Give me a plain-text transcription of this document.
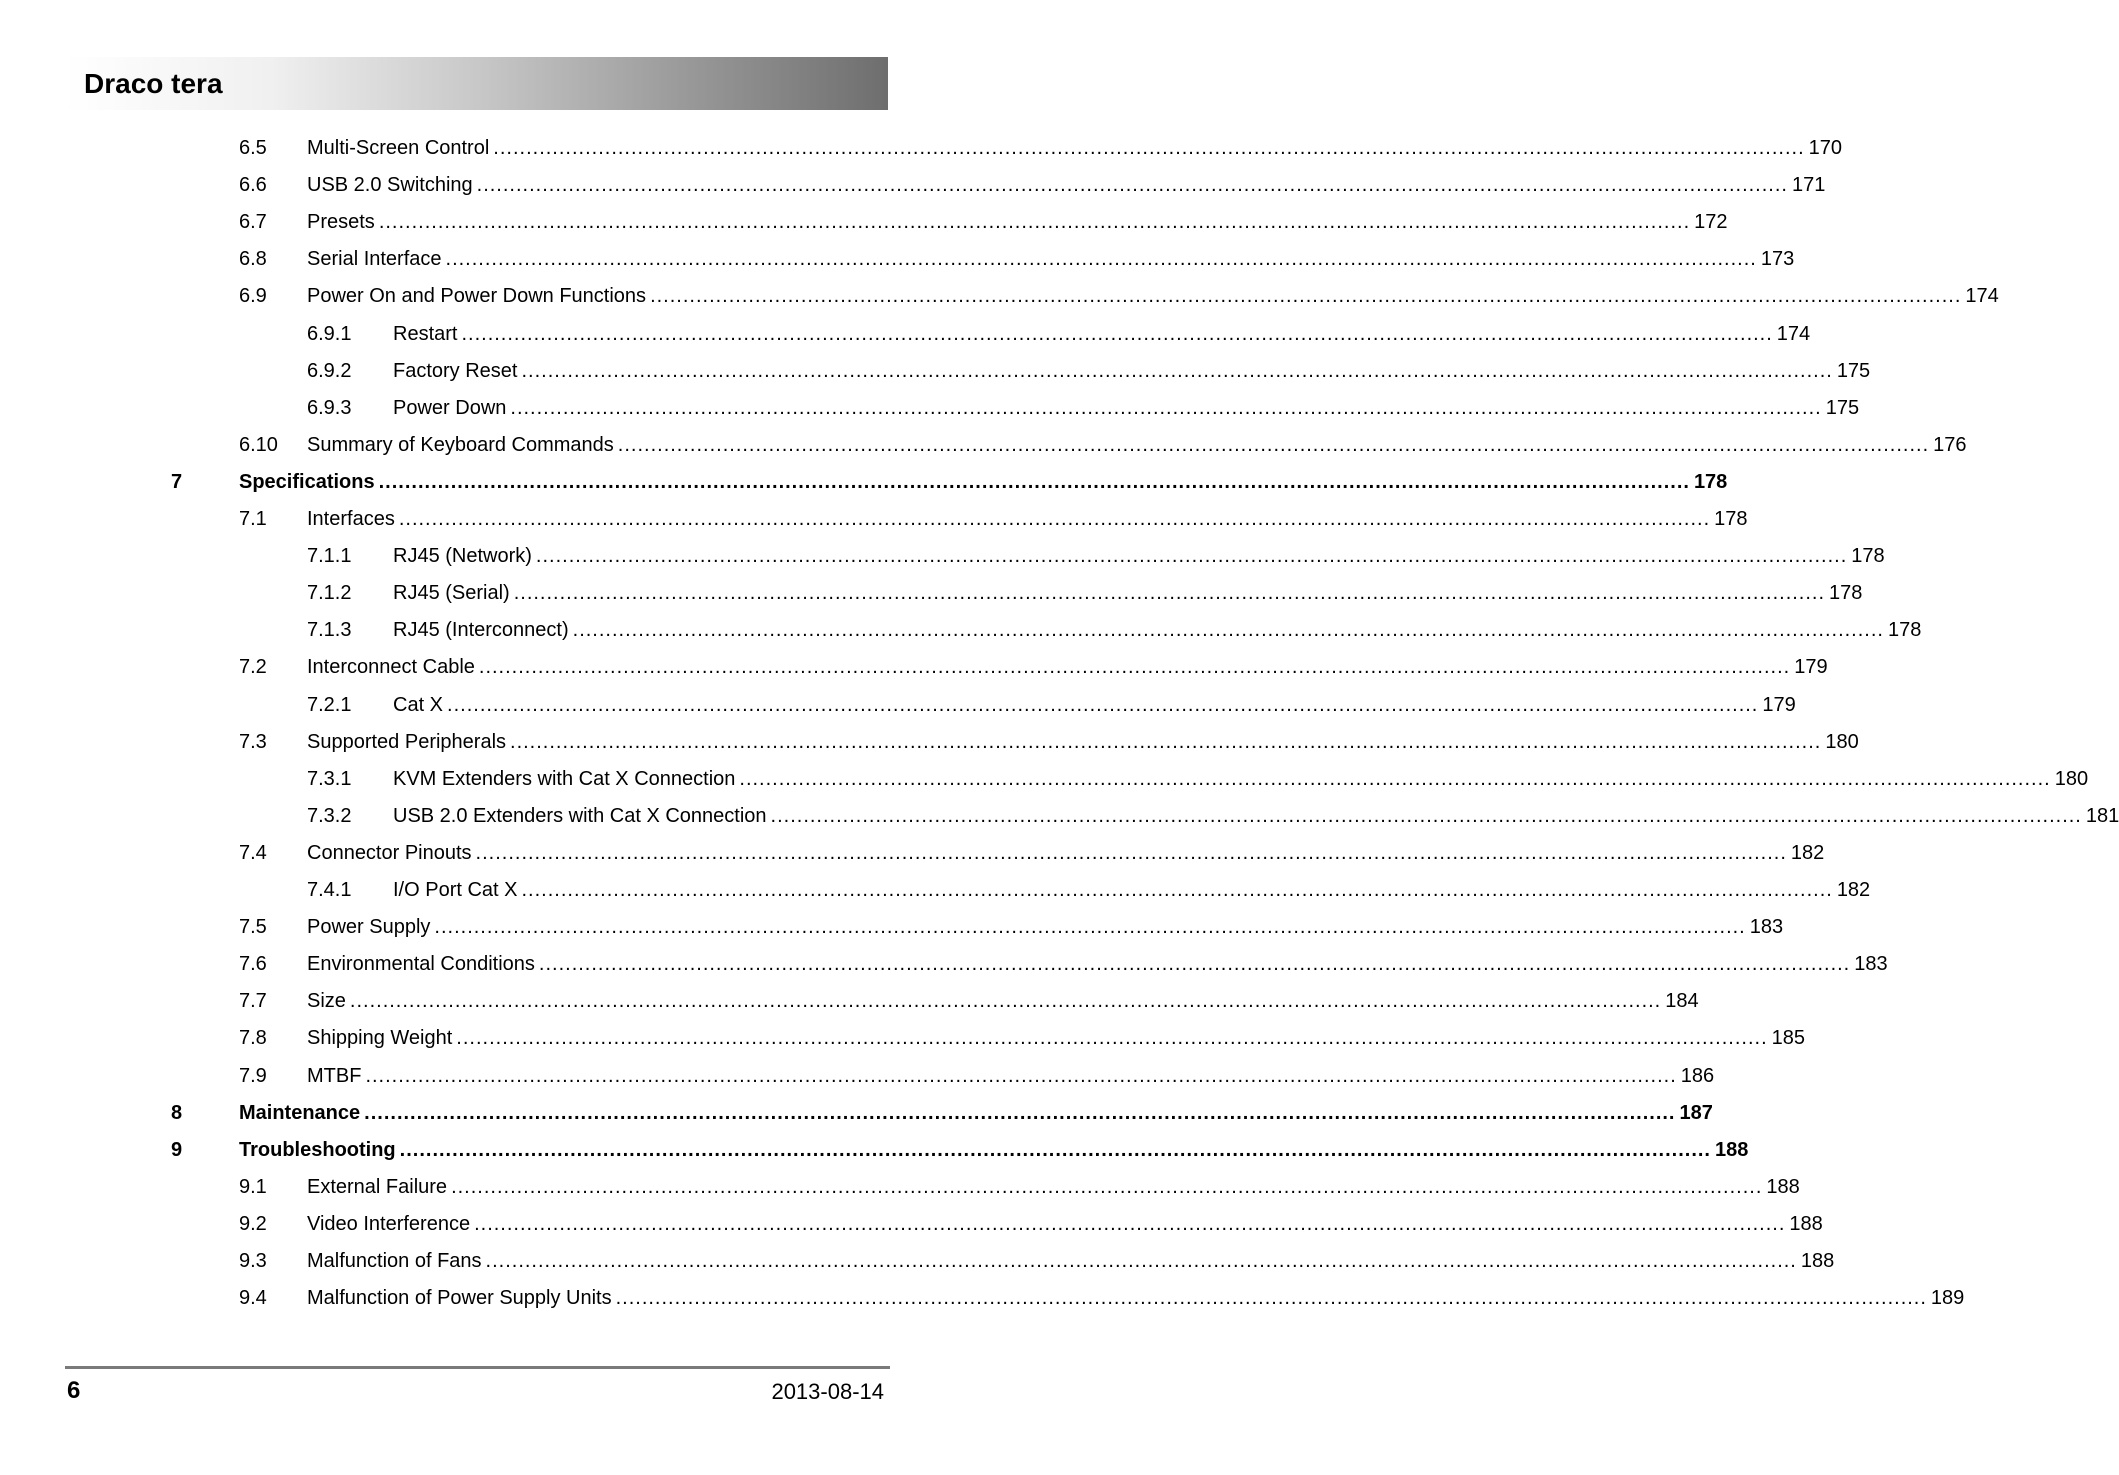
Draco tera
6.5 Multi-Screen Control ........................................................................................................................................................................................................ 170
6.6 USB 2.0 Switching ........................................................................................................................................................................................................ 171
6.7 Presets ........................................................................................................................................................................................................ 172
6.8 Serial Interface ........................................................................................................................................................................................................ 173
6.9 Power On and Power Down Functions ........................................................................................................................................................................................................ 174
6.9.1 Restart ........................................................................................................................................................................................................ 174
6.9.2 Factory Reset ........................................................................................................................................................................................................ 175
6.9.3 Power Down ........................................................................................................................................................................................................ 175
6.10 Summary of Keyboard Commands ........................................................................................................................................................................................................ 176
7	Specifications ........................................................................................................................................................................................................ 178
7.1 Interfaces ........................................................................................................................................................................................................ 178
7.1.1 RJ45 (Network) ........................................................................................................................................................................................................ 178
7.1.2 RJ45 (Serial) ........................................................................................................................................................................................................ 178
7.1.3 RJ45 (Interconnect) ........................................................................................................................................................................................................ 178
7.2 Interconnect Cable ........................................................................................................................................................................................................ 179
7.2.1 Cat X ........................................................................................................................................................................................................ 179
7.3 Supported Peripherals ........................................................................................................................................................................................................ 180
7.3.1 KVM Extenders with Cat X Connection ........................................................................................................................................................................................................ 180
7.3.2 USB 2.0 Extenders with Cat X Connection ........................................................................................................................................................................................................ 181
7.4 Connector Pinouts ........................................................................................................................................................................................................ 182
7.4.1 I/O Port Cat X ........................................................................................................................................................................................................ 182
7.5 Power Supply ........................................................................................................................................................................................................ 183
7.6 Environmental Conditions ........................................................................................................................................................................................................ 183
7.7 Size ........................................................................................................................................................................................................ 184
7.8 Shipping Weight ........................................................................................................................................................................................................ 185
7.9 MTBF ........................................................................................................................................................................................................ 186
8	Maintenance ........................................................................................................................................................................................................ 187
9	Troubleshooting ........................................................................................................................................................................................................ 188
9.1 External Failure ........................................................................................................................................................................................................ 188
9.2 Video Interference ........................................................................................................................................................................................................ 188
9.3 Malfunction of Fans ........................................................................................................................................................................................................ 188
9.4 Malfunction of Power Supply Units ........................................................................................................................................................................................................ 189
6	2013-08-14
